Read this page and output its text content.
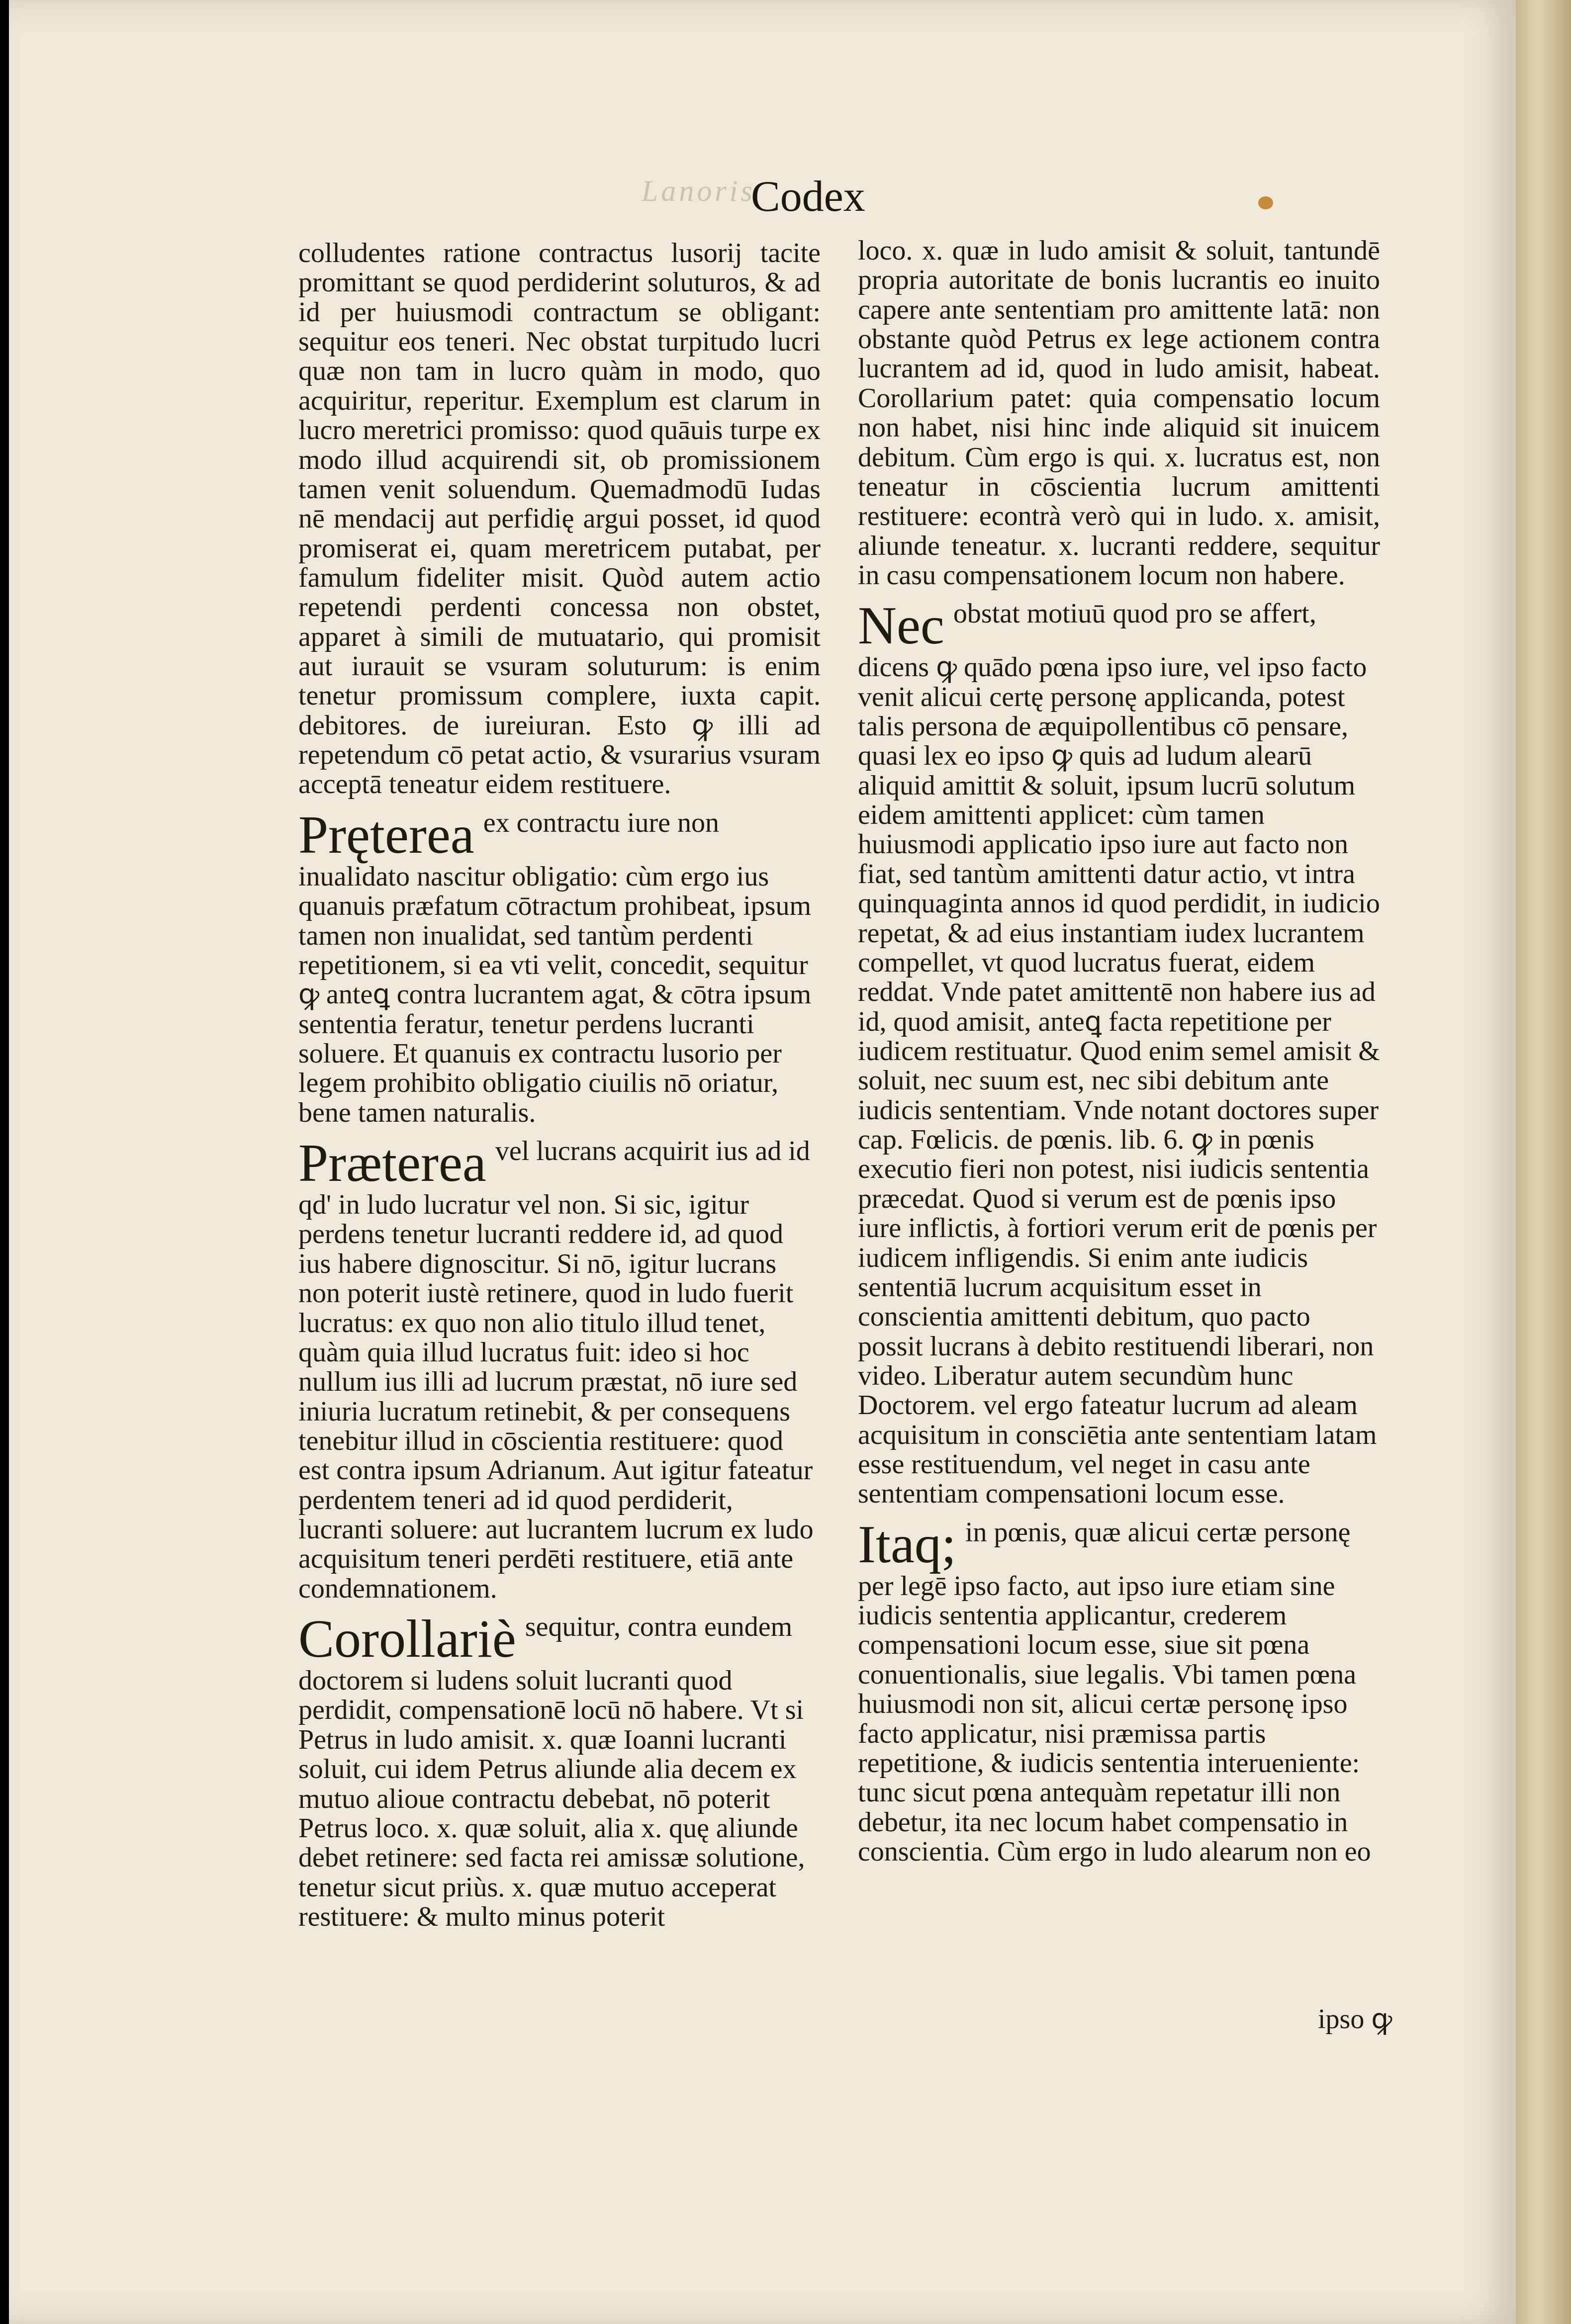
Lanoris
Codex

colludentes ratione contractus lusorij tacite promittant se quod perdiderint soluturos, & ad id per huiusmodi contractum se obligant: sequitur eos teneri. Nec obstat turpitudo lucri quæ non tam in lucro quàm in modo, quo acquiritur, reperitur. Exemplum est clarum in lucro meretrici promisso: quod quāuis turpe ex modo illud acquirendi sit, ob promissionem tamen venit soluendum. Quemadmodū Iudas nē mendacij aut perfidię argui posset, id quod promiserat ei, quam meretricem putabat, per famulum fideliter misit. Quòd autem actio repetendi perdenti concessa non obstet, apparet à simili de mutuatario, qui promisit aut iurauit se vsuram soluturum: is enim tenetur promissum complere, iuxta capit. debitores. de iureiuran. Esto ꝙ illi ad repetendum cō petat actio, & vsurarius vsuram acceptā teneatur eidem restituere.

Pręterea ex contractu iure non inualidato nascitur obligatio: cùm ergo ius quanuis præfatum cōtractum prohibeat, ipsum tamen non inualidat, sed tantùm perdenti repetitionem, si ea vti velit, concedit, sequitur ꝙ anteꝗ contra lucrantem agat, & cōtra ipsum sententia feratur, tenetur perdens lucranti soluere. Et quanuis ex contractu lusorio per legem prohibito obligatio ciuilis nō oriatur, bene tamen naturalis.

Præterea vel lucrans acquirit ius ad id qd' in ludo lucratur vel non. Si sic, igitur perdens tenetur lucranti reddere id, ad quod ius habere dignoscitur. Si nō, igitur lucrans non poterit iustè retinere, quod in ludo fuerit lucratus: ex quo non alio titulo illud tenet, quàm quia illud lucratus fuit: ideo si hoc nullum ius illi ad lucrum præstat, nō iure sed iniuria lucratum retinebit, & per consequens tenebitur illud in cōscientia restituere: quod est contra ipsum Adrianum. Aut igitur fateatur perdentem teneri ad id quod perdiderit, lucranti soluere: aut lucrantem lucrum ex ludo acquisitum teneri perdēti restituere, etiā ante condemnationem.

Corollariè sequitur, contra eundem doctorem si ludens soluit lucranti quod perdidit, compensationē locū nō habere. Vt si Petrus in ludo amisit. x. quæ Ioanni lucranti soluit, cui idem Petrus aliunde alia decem ex mutuo alioue contractu debebat, nō poterit Petrus loco. x. quæ soluit, alia x. quę aliunde debet retinere: sed facta rei amissæ solutione, tenetur sicut priùs. x. quæ mutuo acceperat restituere: & multo minus poterit

loco. x. quæ in ludo amisit & soluit, tantundē propria autoritate de bonis lucrantis eo inuito capere ante sententiam pro amittente latā: non obstante quòd Petrus ex lege actionem contra lucrantem ad id, quod in ludo amisit, habeat. Corollarium patet: quia compensatio locum non habet, nisi hinc inde aliquid sit inuicem debitum. Cùm ergo is qui. x. lucratus est, non teneatur in cōscientia lucrum amittenti restituere: econtrà verò qui in ludo. x. amisit, aliunde teneatur. x. lucranti reddere, sequitur in casu compensationem locum non habere.

Nec obstat motiuū quod pro se affert, dicens ꝙ quādo pœna ipso iure, vel ipso facto venit alicui certę personę applicanda, potest talis persona de æquipollentibus cō pensare, quasi lex eo ipso ꝙ quis ad ludum alearū aliquid amittit & soluit, ipsum lucrū solutum eidem amittenti applicet: cùm tamen huiusmodi applicatio ipso iure aut facto non fiat, sed tantùm amittenti datur actio, vt intra quinquaginta annos id quod perdidit, in iudicio repetat, & ad eius instantiam iudex lucrantem compellet, vt quod lucratus fuerat, eidem reddat. Vnde patet amittentē non habere ius ad id, quod amisit, anteꝗ facta repetitione per iudicem restituatur. Quod enim semel amisit & soluit, nec suum est, nec sibi debitum ante iudicis sententiam. Vnde notant doctores super cap. Fœlicis. de pœnis. lib. 6. ꝙ in pœnis executio fieri non potest, nisi iudicis sententia præcedat. Quod si verum est de pœnis ipso iure inflictis, à fortiori verum erit de pœnis per iudicem infligendis. Si enim ante iudicis sententiā lucrum acquisitum esset in conscientia amittenti debitum, quo pacto possit lucrans à debito restituendi liberari, non video. Liberatur autem secundùm hunc Doctorem. vel ergo fateatur lucrum ad aleam acquisitum in consciētia ante sententiam latam esse restituendum, vel neget in casu ante sententiam compensationi locum esse.

Itaq; in pœnis, quæ alicui certæ personę per legē ipso facto, aut ipso iure etiam sine iudicis sententia applicantur, crederem compensationi locum esse, siue sit pœna conuentionalis, siue legalis. Vbi tamen pœna huiusmodi non sit, alicui certæ personę ipso facto applicatur, nisi præmissa partis repetitione, & iudicis sententia interueniente: tunc sicut pœna antequàm repetatur illi non debetur, ita nec locum habet compensatio in conscientia. Cùm ergo in ludo alearum non eo

ipso ꝙ
